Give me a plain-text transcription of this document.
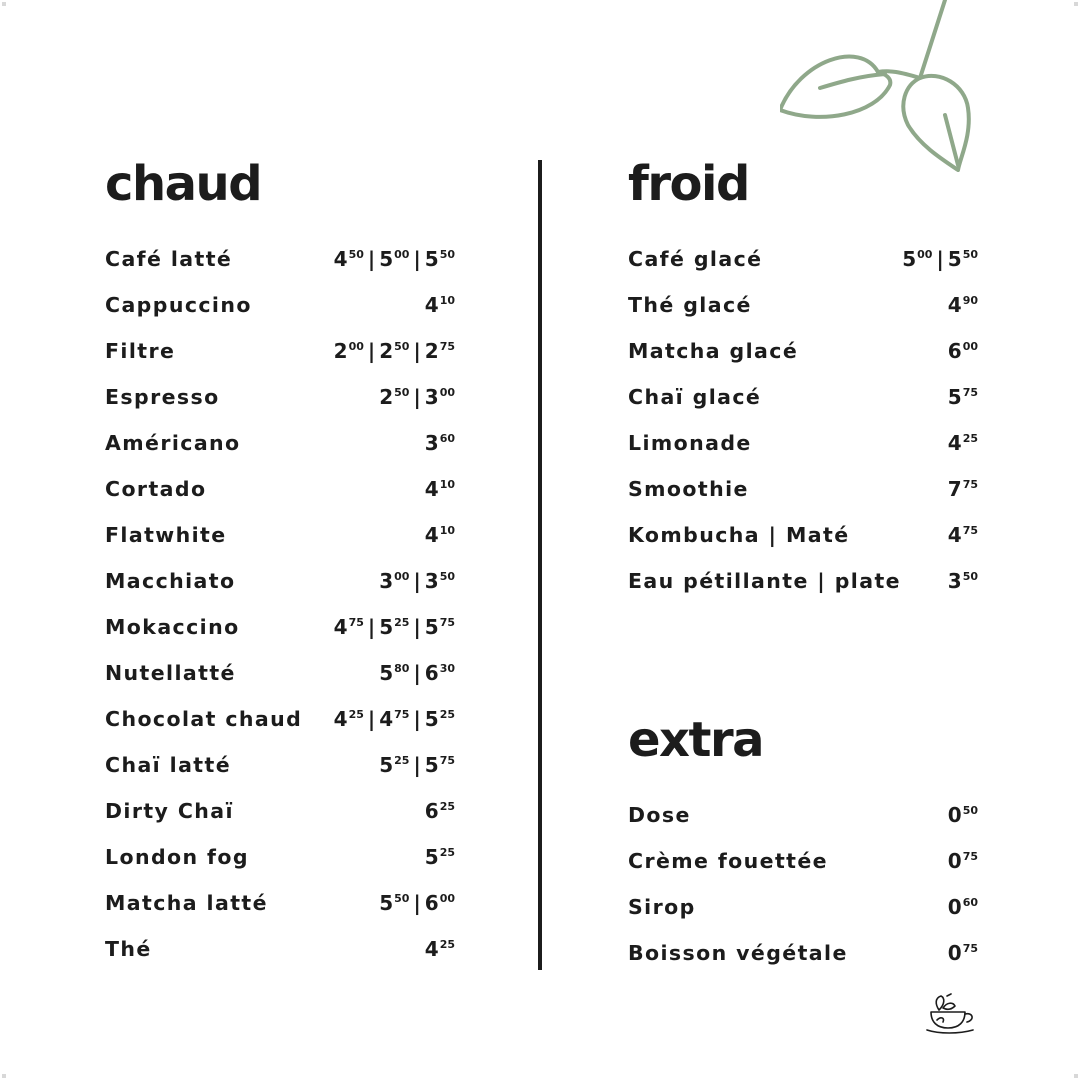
chaud
Café latté	$4^{50}$ | $5^{00}$ | $5^{50}$
Cappuccino	$4^{10}$
Filtre	$2^{00}$ | $2^{50}$ | $2^{75}$
Espresso	$2^{50}$ | $3^{00}$
Américano	$3^{60}$
Cortado	$4^{10}$
Flatwhite	$4^{10}$
Macchiato	$3^{00}$ | $3^{50}$
Mokaccino	$4^{75}$ | $5^{25}$ | $5^{75}$
Nutellatté	$5^{80}$ | $6^{30}$
Chocolat chaud $4^{25}$ | $4^{75}$ | $5^{25}$
Chaï latté	$5^{25}$ | $5^{75}$
Dirty Chaï	$6^{25}$
London fog	$5^{25}$
Matcha latté	$5^{50}$ | $6^{00}$
Thé	$4^{25}$
froid
Café glacé	$5^{00}$ | $5^{50}$
Thé glacé	$4^{90}$
Matcha glacé	$6^{00}$
Chaï glacé	$5^{75}$
Limonade	$4^{25}$
Smoothie	$7^{75}$
Kombucha | Maté	$4^{75}$
Eau pétillante | plate $3^{50}$
extra
Dose	$0^{50}$
Crème fouettée	$0^{75}$
Sirop	$0^{60}$
Boisson végétale	$0^{75}$
